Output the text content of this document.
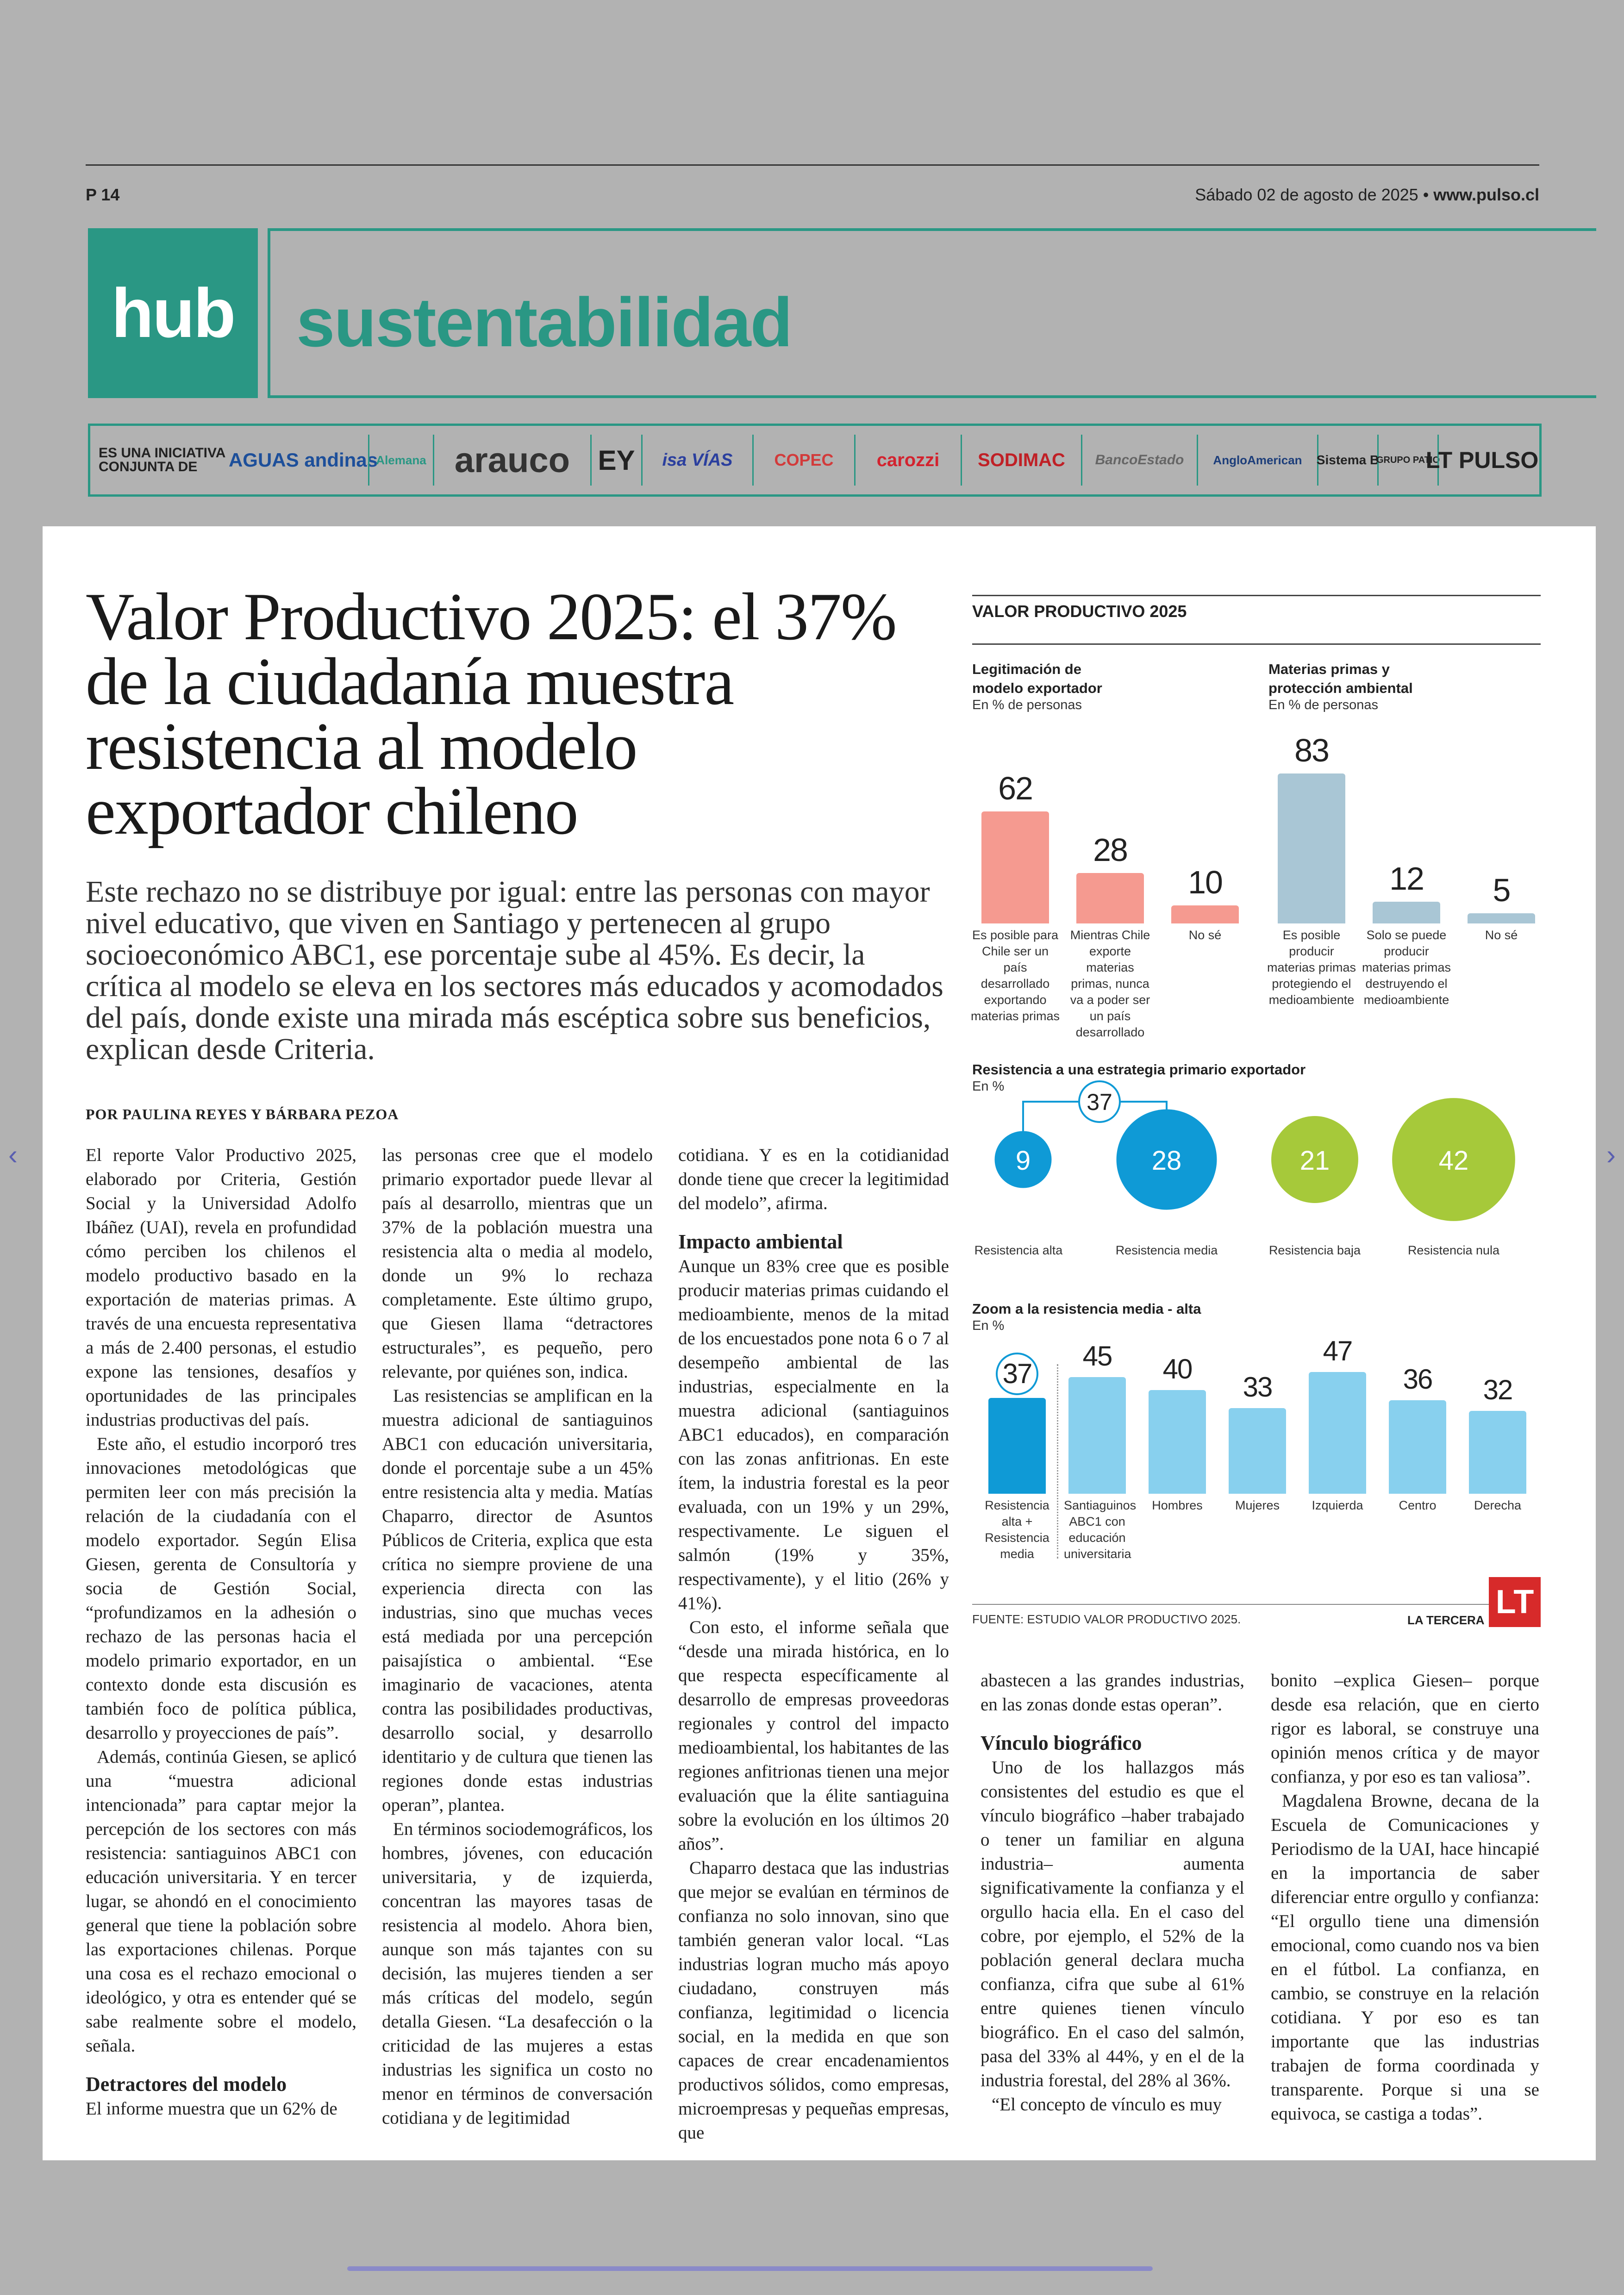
P 14	Sábado 02 de agosto de 2025 • www.pulso.cl
hub sustentabilidad
ES UNA INICIATIVA CONJUNTA DE	AGUAS andinas
Alemana arauco	EY	isa VÍAS	COPEC	carozzi	SODIMAC	BancoEstado	AngloAmerican	Sistema B
GRUPO PATIO
LT PULSO
‹	›
Valor Productivo 2025: el 37% de la ciudadanía muestra resistencia al modelo exportador chileno
Este rechazo no se distribuye por igual: entre las personas con mayor nivel educativo, que viven en Santiago y pertenecen al grupo socioeconómico ABC1, ese porcentaje sube al 45%. Es decir, la crítica al modelo se eleva en los sectores más educados y acomodados del país, donde existe una mirada más escéptica sobre sus beneficios, explican desde Criteria.
POR PAULINA REYES Y BÁRBARA PEZOA

El reporte Valor Productivo 2025, elaborado por Criteria, Gestión Social y la Universidad Adolfo Ibáñez (UAI), revela en profundidad cómo perciben los chilenos el modelo productivo basado en la exportación de materias primas. A través de una encuesta representativa a más de 2.400 personas, el estudio expone las tensiones, desafíos y oportunidades de las principales industrias productivas del país.

Este año, el estudio incorporó tres innovaciones metodológicas que permiten leer con más precisión la relación de la ciudadanía con el modelo exportador. Según Elisa Giesen, gerenta de Consultoría y socia de Gestión Social, “profundizamos en la adhesión o rechazo de las personas hacia el modelo primario exportador, en un contexto donde esta discusión es también foco de política pública, desarrollo y proyecciones de país”.

Además, continúa Giesen, se aplicó una “muestra adicional intencionada” para captar mejor la percepción de los sectores con más resistencia: santiaguinos ABC1 con educación universitaria. Y en tercer lugar, se ahondó en el conocimiento general que tiene la población sobre las exportaciones chilenas. Porque una cosa es el rechazo emocional o ideológico, y otra es entender qué se sabe realmente sobre el modelo, señala.

Detractores del modelo

El informe muestra que un 62% de

las personas cree que el modelo primario exportador puede llevar al país al desarrollo, mientras que un 37% de la población muestra una resistencia alta o media al modelo, donde un 9% lo rechaza completamente. Este último grupo, que Giesen llama “detractores estructurales”, es pequeño, pero relevante, por quiénes son, indica.

Las resistencias se amplifican en la muestra adicional de santiaguinos ABC1 con educación universitaria, donde el porcentaje sube a un 45% entre resistencia alta y media. Matías Chaparro, director de Asuntos Públicos de Criteria, explica que esta crítica no siempre proviene de una experiencia directa con las industrias, sino que muchas veces está mediada por una percepción paisajística o ambiental. “Ese imaginario de vacaciones, atenta contra las posibilidades productivas, desarrollo social, y desarrollo identitario y de cultura que tienen las regiones donde estas industrias operan”, plantea.

En términos sociodemográficos, los hombres, jóvenes, con educación universitaria, y de izquierda, concentran las mayores tasas de resistencia al modelo. Ahora bien, aunque son más tajantes con su decisión, las mujeres tienden a ser más críticas del modelo, según detalla Giesen. “La desafección o la criticidad de las mujeres a estas industrias les significa un costo no menor en términos de conversación cotidiana y de legitimidad

cotidiana. Y es en la cotidianidad donde tiene que crecer la legitimidad del modelo”, afirma.

Impacto ambiental

Aunque un 83% cree que es posible producir materias primas cuidando el medioambiente, menos de la mitad de los encuestados pone nota 6 o 7 al desempeño ambiental de las industrias, especialmente en la muestra adicional (santiaguinos ABC1 educados), en comparación con las zonas anfitrionas. En este ítem, la industria forestal es la peor evaluada, con un 19% y un 29%, respectivamente. Le siguen el salmón (19% y 35%, respectivamente), y el litio (26% y 41%).

Con esto, el informe señala que “desde una mirada histórica, en lo que respecta específicamente al desarrollo de empresas proveedoras regionales y control del impacto medioambiental, los habitantes de las regiones anfitrionas tienen una mejor evaluación que la élite santiaguina sobre la evolución en los últimos 20 años”.

Chaparro destaca que las industrias que mejor se evalúan en términos de confianza no solo innovan, sino que también generan valor local. “Las industrias logran mucho más apoyo ciudadano, construyen más confianza, legitimidad o licencia social, en la medida en que son capaces de crear encadenamientos productivos sólidos, como empresas, microempresas y pequeñas empresas, que

abastecen a las grandes industrias, en las zonas donde estas operan”.

Vínculo biográfico

Uno de los hallazgos más consistentes del estudio es que el vínculo biográfico –haber trabajado o tener un familiar en alguna industria– aumenta significativamente la confianza y el orgullo hacia ella. En el caso del cobre, por ejemplo, el 52% de la población general declara mucha confianza, cifra que sube al 61% entre quienes tienen vínculo biográfico. En el caso del salmón, pasa del 33% al 44%, y en el de la industria forestal, del 28% al 36%.

“El concepto de vínculo es muy

bonito –explica Giesen– porque desde esa relación, que en cierto rigor es laboral, se construye una opinión menos crítica y de mayor confianza, y por eso es tan valiosa”.

Magdalena Browne, decana de la Escuela de Comunicaciones y Periodismo de la UAI, hace hincapié en la importancia de saber diferenciar entre orgullo y confianza: “El orgullo tiene una dimensión emocional, como cuando nos va bien en el fútbol. La confianza, en cambio, se construye en la relación cotidiana. Y por eso es tan importante que las industrias trabajen de forma coordinada y transparente. Porque si una se equivoca, se castiga a todas”.

VALOR PRODUCTIVO 2025
Legitimación de modelo exportador
En % de personas
62
Es posible para Chile ser un país desarrollado exportando materias primas
28
Mientras Chile exporte materias primas, nunca va a poder ser un país desarrollado
10
No sé
Materias primas y protección ambiental
En % de personas
83
Es posible producir materias primas protegiendo el medioambiente
12
Solo se puede producir materias primas destruyendo el medioambiente
5
No sé
Resistencia a una estrategia primario exportador
En %
37
9
Resistencia alta
28
Resistencia media
21
Resistencia baja
42
Resistencia nula
Zoom a la resistencia media - alta
En %
37
Resistencia alta + Resistencia media
45
Santiaguinos ABC1 con educación universitaria
40
Hombres
33
Mujeres
47
Izquierda
36
Centro
32
Derecha
FUENTE: ESTUDIO VALOR PRODUCTIVO 2025.	LA TERCERA LT
